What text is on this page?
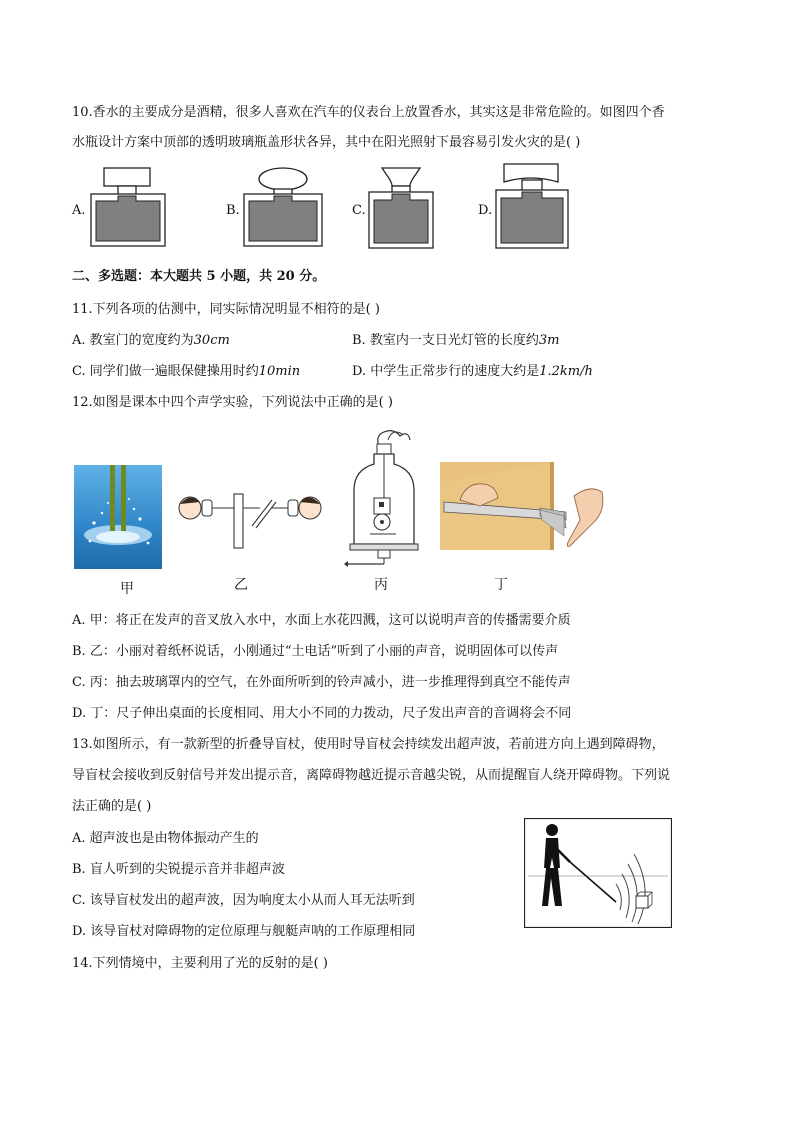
10.香水的主要成分是酒精，很多人喜欢在汽车的仪表台上放置香水，其实这是非常危险的。如图四个香
水瓶设计方案中顶部的透明玻璃瓶盖形状各异，其中在阳光照射下最容易引发火灾的是( )
A.	B.	C.	D.
二、多选题：本大题共 5 小题，共 20 分。
11.下列各项的估测中，同实际情况明显不相符的是( )
A. 教室门的宽度约为30cm	B. 教室内一支日光灯管的长度约3m
C. 同学们做一遍眼保健操用时约10min	D. 中学生正常步行的速度大约是1.2km/h
12.如图是课本中四个声学实验，下列说法中正确的是( )
甲	乙	丙	丁
A. 甲：将正在发声的音叉放入水中，水面上水花四溅，这可以说明声音的传播需要介质
B. 乙：小丽对着纸杯说话，小刚通过“土电话”听到了小丽的声音，说明固体可以传声
C. 丙：抽去玻璃罩内的空气，在外面所听到的铃声减小，进一步推理得到真空不能传声
D. 丁：尺子伸出桌面的长度相同、用大小不同的力拨动，尺子发出声音的音调将会不同
13.如图所示，有一款新型的折叠导盲杖，使用时导盲杖会持续发出超声波，若前进方向上遇到障碍物，
导盲杖会接收到反射信号并发出提示音，离障碍物越近提示音越尖锐，从而提醒盲人绕开障碍物。下列说
法正确的是( )
A. 超声波也是由物体振动产生的
B. 盲人听到的尖锐提示音并非超声波
C. 该导盲杖发出的超声波，因为响度太小从而人耳无法听到
D. 该导盲杖对障碍物的定位原理与舰艇声呐的工作原理相同
14.下列情境中，主要利用了光的反射的是( )
